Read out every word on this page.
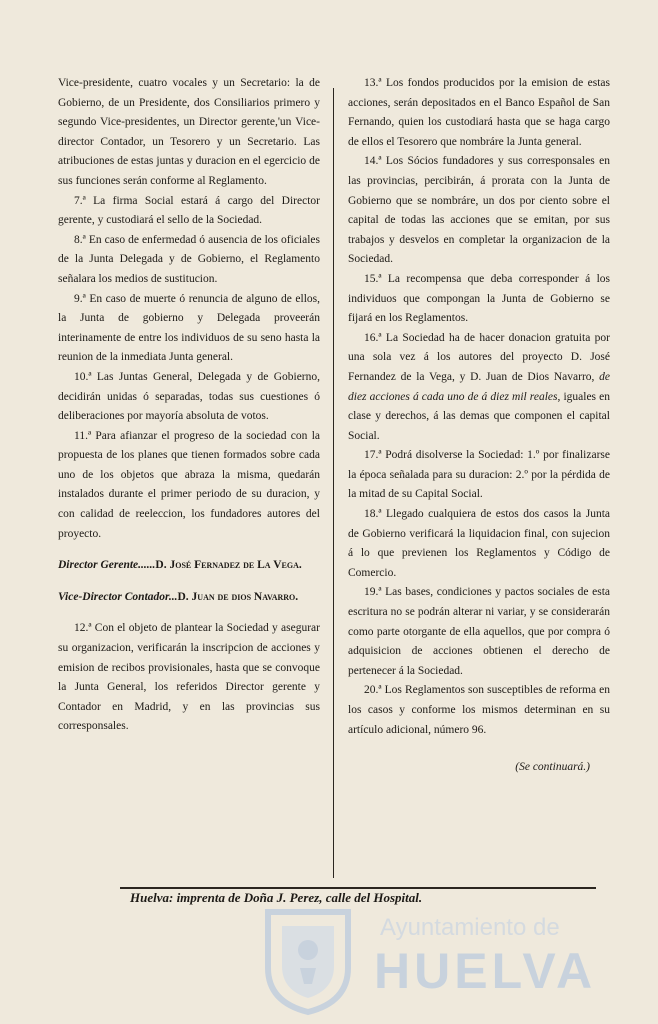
Vice-presidente, cuatro vocales y un Secretario: la de Gobierno, de un Presidente, dos Consiliarios primero y segundo Vice-presidentes, un Director gerente,'un Vice-director Contador, un Tesorero y un Secretario. Las atribuciones de estas juntas y duracion en el egercicio de sus funciones serán conforme al Reglamento.

7.ª La firma Social estará á cargo del Director gerente, y custodiará el sello de la Sociedad.

8.ª En caso de enfermedad ó ausencia de los oficiales de la Junta Delegada y de Gobierno, el Reglamento señalara los medios de sustitucion.

9.ª En caso de muerte ó renuncia de alguno de ellos, la Junta de gobierno y Delegada proveerán interinamente de entre los individuos de su seno hasta la reunion de la inmediata Junta general.

10.ª Las Juntas General, Delegada y de Gobierno, decidirán unidas ó separadas, todas sus cuestiones ó deliberaciones por mayoría absoluta de votos.

11.ª Para afianzar el progreso de la sociedad con la propuesta de los planes que tienen formados sobre cada uno de los objetos que abraza la misma, quedarán instalados durante el primer periodo de su duracion, y con calidad de reeleccion, los fundadores autores del proyecto.

Director Gerente......D. José Fernadez de La Vega.

Vice-Director Contador...D. Juan de dios Navarro.

12.ª Con el objeto de plantear la Sociedad y asegurar su organizacion, verificarán la inscripcion de acciones y emision de recibos provisionales, hasta que se convoque la Junta General, los referidos Director gerente y Contador en Madrid, y en las provincias sus corresponsales.

13.ª Los fondos producidos por la emision de estas acciones, serán depositados en el Banco Español de San Fernando, quien los custodiará hasta que se haga cargo de ellos el Tesorero que nombráre la Junta general.

14.ª Los Sócios fundadores y sus corresponsales en las provincias, percibirán, á prorata con la Junta de Gobierno que se nombráre, un dos por ciento sobre el capital de todas las acciones que se emitan, por sus trabajos y desvelos en completar la organizacion de la Sociedad.

15.ª La recompensa que deba corresponder á los individuos que compongan la Junta de Gobierno se fijará en los Reglamentos.

16.ª La Sociedad ha de hacer donacion gratuita por una sola vez á los autores del proyecto D. José Fernandez de la Vega, y D. Juan de Dios Navarro, de diez acciones á cada uno de á diez mil reales, iguales en clase y derechos, á las demas que componen el capital Social.

17.ª Podrá disolverse la Sociedad: 1.º por finalizarse la época señalada para su duracion: 2.º por la pérdida de la mitad de su Capital Social.

18.ª Llegado cualquiera de estos dos casos la Junta de Gobierno verificará la liquidacion final, con sujecion á lo que previenen los Reglamentos y Código de Comercio.

19.ª Las bases, condiciones y pactos sociales de esta escritura no se podrán alterar ni variar, y se considerarán como parte otorgante de ella aquellos, que por compra ó adquisicion de acciones obtienen el derecho de pertenecer á la Sociedad.

20.ª Los Reglamentos son susceptibles de reforma en los casos y conforme los mismos determinan en su artículo adicional, número 96.

(Se continuará.)

Huelva: imprenta de Doña J. Perez, calle del Hospital.
Ayuntamiento de
HUELVA
